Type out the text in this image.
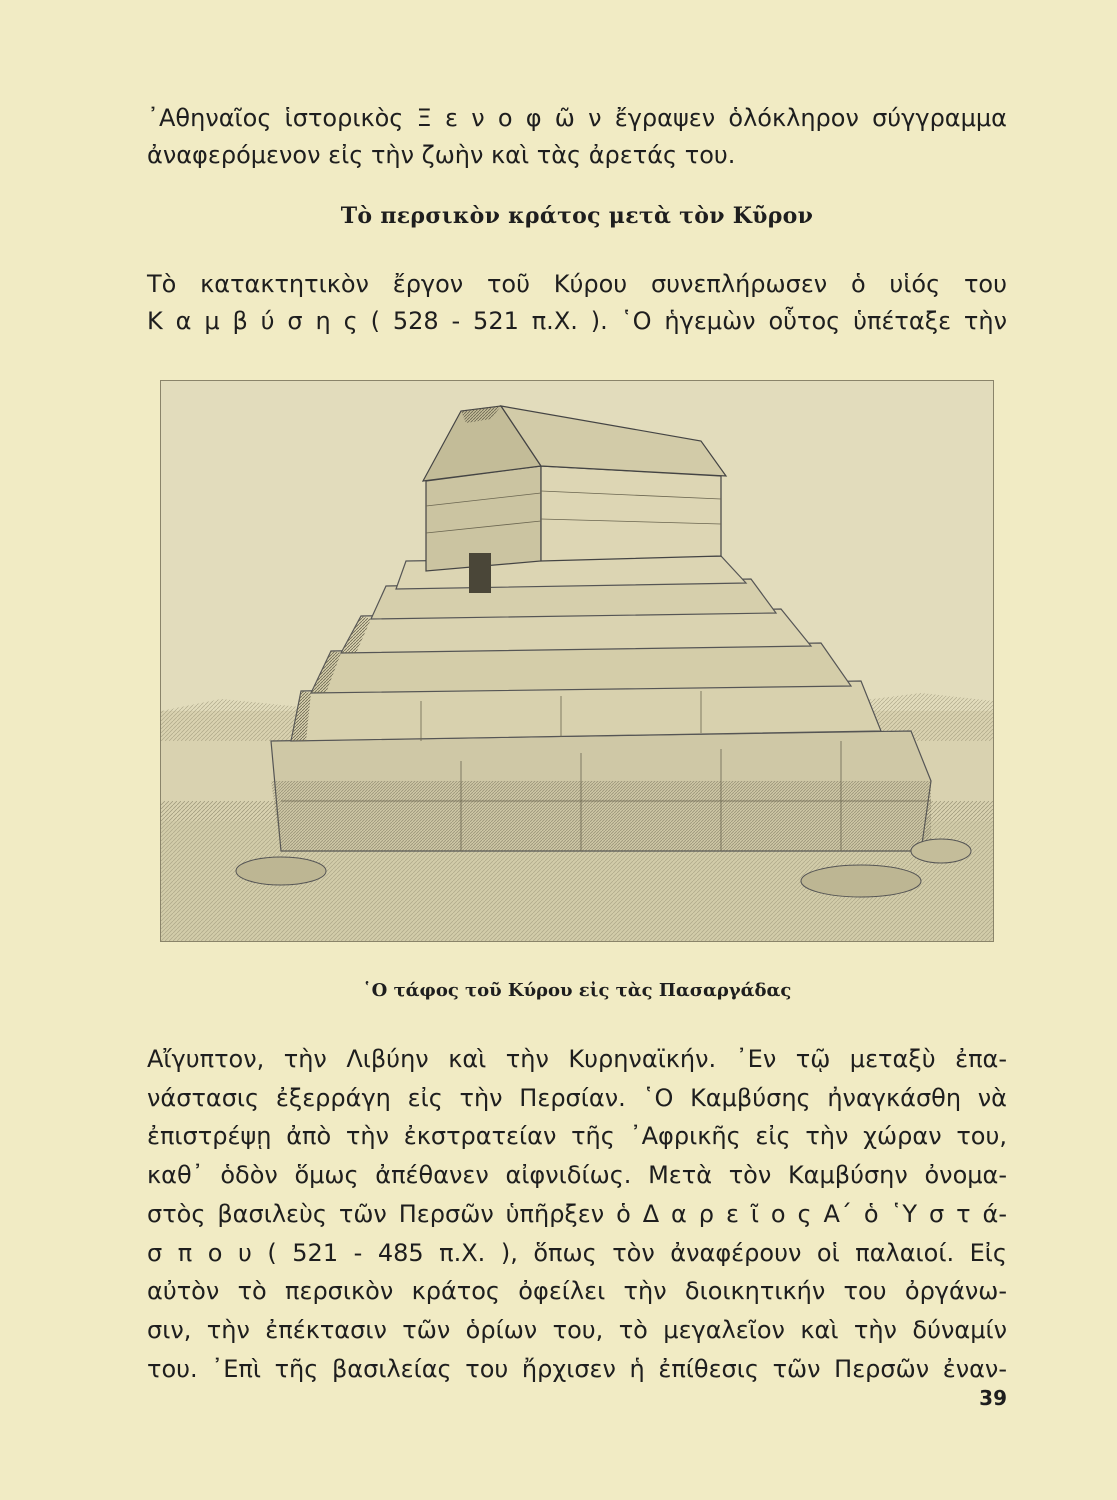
᾿Αθηναῖος ἱστορικὸς Ξ ε ν ο φ ῶ ν ἔγραψεν ὁλόκληρον σύγγραμμα
ἀναφερόμενον εἰς τὴν ζωὴν καὶ τὰς ἀρετάς του.

Τὸ περσικὸν κράτος μετὰ τὸν Κῦρον

Τὸ κατακτητικὸν ἔργον τοῦ Κύρου συνεπλήρωσεν ὁ υἱός του
Κ α μ β ύ σ η ς ( 528 - 521 π.Χ. ). ῾Ο ἡγεμὼν οὗτος ὑπέταξε τὴν

῾Ο τάφος τοῦ Κύρου εἰς τὰς Πασαργάδας

Αἴγυπτον, τὴν Λιβύην καὶ τὴν Κυρηναϊκήν. ᾿Εν τῷ μεταξὺ ἐπα-
νάστασις ἐξερράγη εἰς τὴν Περσίαν. ῾Ο Καμβύσης ἠναγκάσθη νὰ
ἐπιστρέψῃ ἀπὸ τὴν ἐκστρατείαν τῆς ᾿Αφρικῆς εἰς τὴν χώραν του,
καθ᾿ ὁδὸν ὅμως ἀπέθανεν αἰφνιδίως. Μετὰ τὸν Καμβύσην ὀνομα-
στὸς βασιλεὺς τῶν Περσῶν ὑπῆρξεν ὁ Δ α ρ ε ῖ ο ς Α΄ ὁ ῾Υ σ τ ά-
σ π ο υ ( 521 - 485 π.Χ. ), ὅπως τὸν ἀναφέρουν οἱ παλαιοί. Εἰς
αὐτὸν τὸ περσικὸν κράτος ὀφείλει τὴν διοικητικήν του ὀργάνω-
σιν, τὴν ἐπέκτασιν τῶν ὁρίων του, τὸ μεγαλεῖον καὶ τὴν δύναμίν
του. ᾿Επὶ τῆς βασιλείας του ἤρχισεν ἡ ἐπίθεσις τῶν Περσῶν ἐναν-

39
